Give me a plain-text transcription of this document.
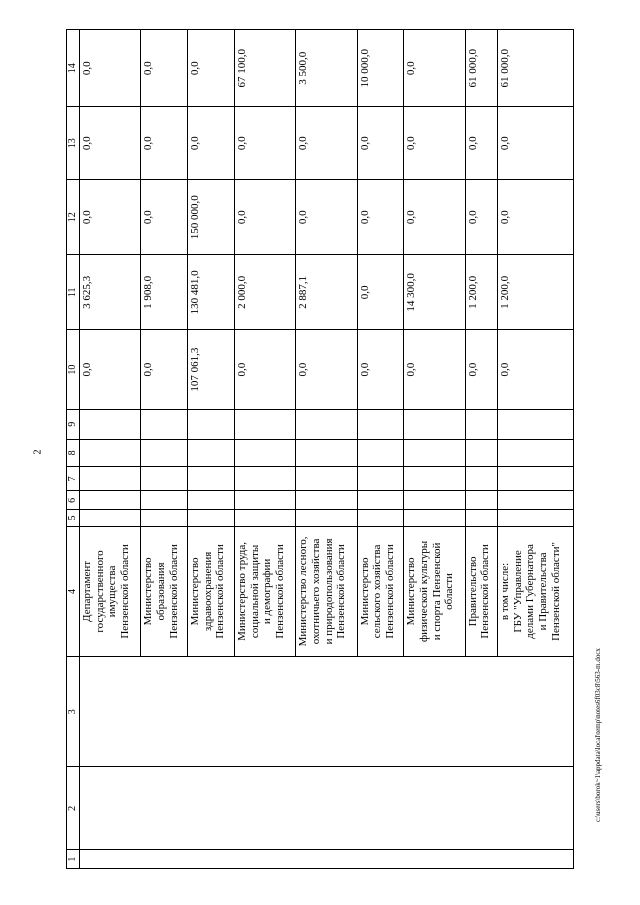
2
1	2	3	4	5	6	7	8	9	10	11	12	13	14

			Департамент государственного имущества Пензенской области						0,0	3 625,3	0,0	0,0	0,0

			Министерство образования Пензенской области						0,0	1 908,0	0,0	0,0	0,0

			Министерство здравоохранения Пензенской области						107 061,3	130 481,0	150 000,0	0,0	0,0

			Министерство труда, социальной защиты и демографии Пензенской области						0,0	2 000,0	0,0	0,0	67 100,0

			Министерство лесного, охотничьего хозяйства и природопользования Пензенской области						0,0	2 887,1	0,0	0,0	3 500,0

			Министерство сельского хозяйства Пензенской области						0,0	0,0	0,0	0,0	10 000,0

			Министерство физической культуры и спорта Пензенской области						0,0	14 300,0	0,0	0,0	0,0

			Правительство Пензенской области						0,0	1 200,0	0,0	0,0	61 000,0

			в том числе: ГБУ "Управление делами Губернатора и Правительства Пензенской области"						0,0	1 200,0	0,0	0,0	61 000,0
c:\users\borok~1\appdata\local\temp\notes6f03c8\563-m.docx
